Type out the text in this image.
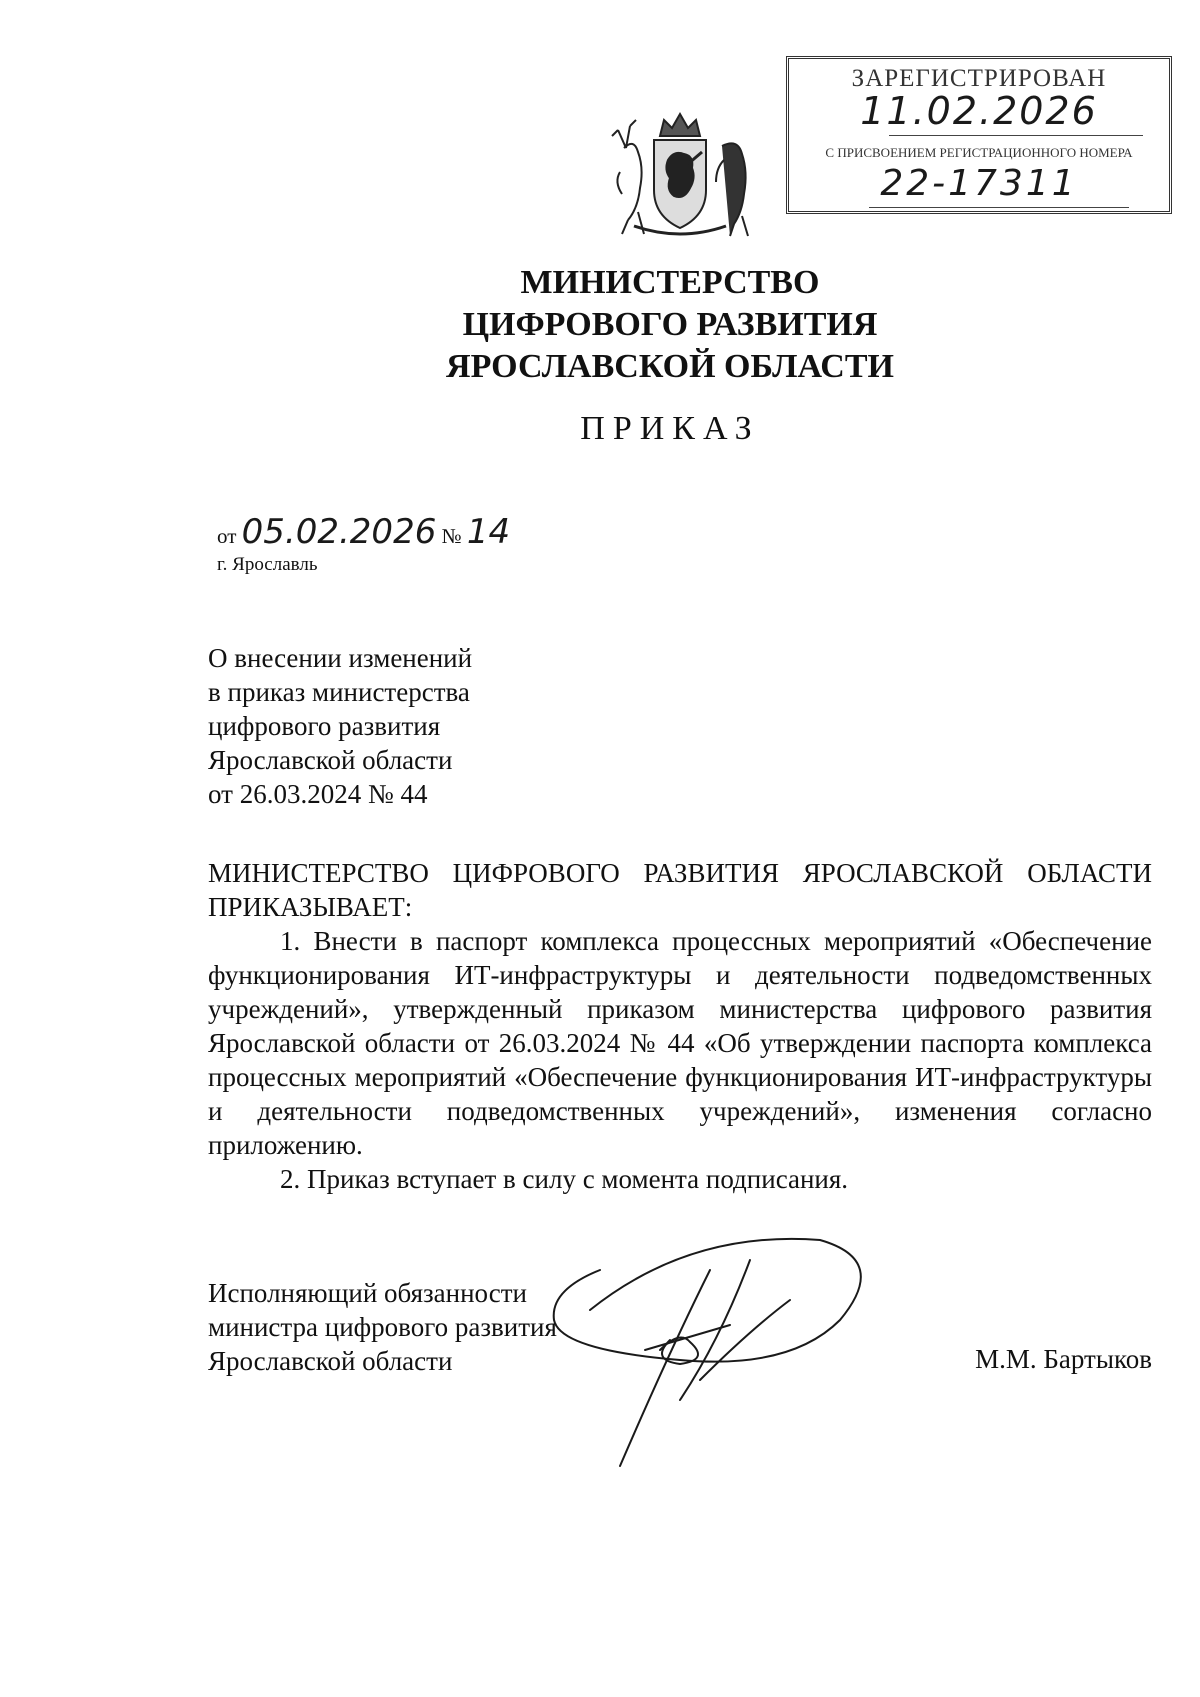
ЗАРЕГИСТРИРОВАН
11.02.2026
С ПРИСВОЕНИЕМ РЕГИСТРАЦИОННОГО НОМЕРА
22-17311
МИНИСТЕРСТВО
ЦИФРОВОГО РАЗВИТИЯ
ЯРОСЛАВСКОЙ ОБЛАСТИ
ПРИКАЗ
от 05.02.2026 № 14
г. Ярославль
О внесении изменений
в приказ министерства
цифрового развития
Ярославской области
от 26.03.2024 № 44

МИНИСТЕРСТВО ЦИФРОВОГО РАЗВИТИЯ ЯРОСЛАВСКОЙ ОБЛАСТИ

ПРИКАЗЫВАЕТ:

1. Внести в паспорт комплекса процессных мероприятий «Обеспечение функционирования ИТ-инфраструктуры и деятельности подведомственных учреждений», утвержденный приказом министерства цифрового развития Ярославской области от 26.03.2024 № 44 «Об утверждении паспорта комплекса процессных мероприятий «Обеспечение функционирования ИТ-инфраструктуры и деятельности подведомственных учреждений», изменения согласно приложению.

2. Приказ вступает в силу с момента подписания.

Исполняющий обязанности
министра цифрового развития
Ярославской области	М.М. Бартыков
